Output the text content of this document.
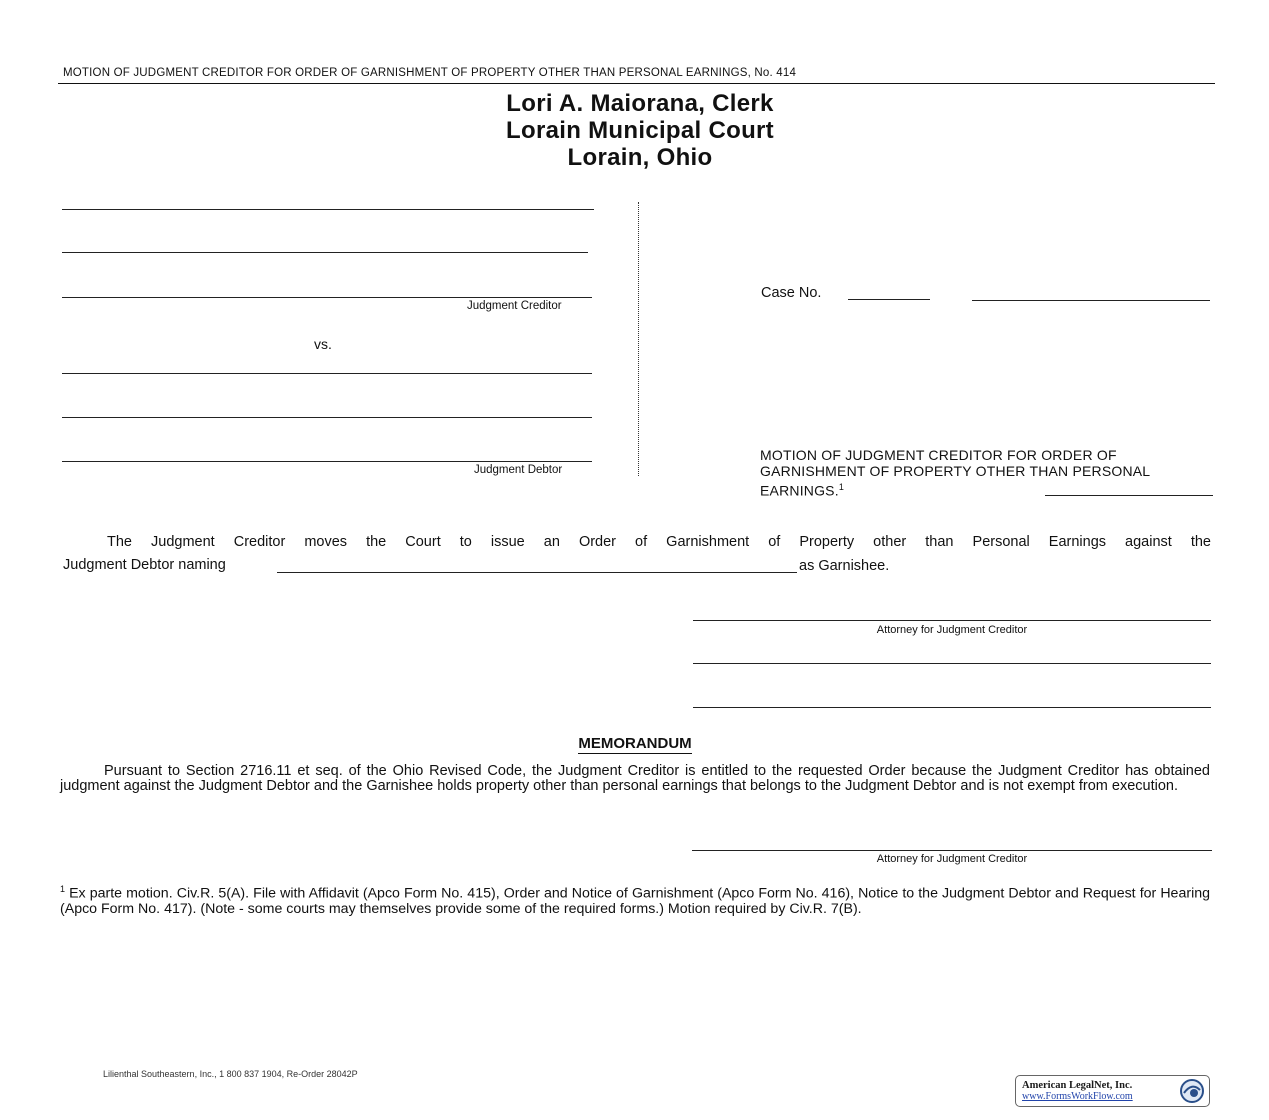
MOTION OF JUDGMENT CREDITOR FOR ORDER OF GARNISHMENT OF PROPERTY OTHER THAN PERSONAL EARNINGS, No. 414
Lori A. Maiorana, Clerk
Lorain Municipal Court
Lorain, Ohio
Judgment Creditor
vs.
Judgment Debtor
Case No.
MOTION OF JUDGMENT CREDITOR FOR ORDER OF GARNISHMENT OF PROPERTY OTHER THAN PERSONAL EARNINGS.$^1$
The Judgment Creditor moves the Court to issue an Order of Garnishment of Property other than Personal Earnings against the
Judgment Debtor naming	as Garnishee.
Attorney for Judgment Creditor
MEMORANDUM
Pursuant to Section 2716.11 et seq. of the Ohio Revised Code, the Judgment Creditor is entitled to the requested Order because the Judgment Creditor has obtained judgment against the Judgment Debtor and the Garnishee holds property other than personal earnings that belongs to the Judgment Debtor and is not exempt from execution.
Attorney for Judgment Creditor
$^1$ Ex parte motion. Civ.R. 5(A). File with Affidavit (Apco Form No. 415), Order and Notice of Garnishment (Apco Form No. 416), Notice to the Judgment Debtor and Request for Hearing (Apco Form No. 417). (Note - some courts may themselves provide some of the required forms.) Motion required by Civ.R. 7(B).
Lilienthal Southeastern, Inc., 1 800 837 1904, Re-Order 28042P
American LegalNet, Inc.
www.FormsWorkFlow.com
